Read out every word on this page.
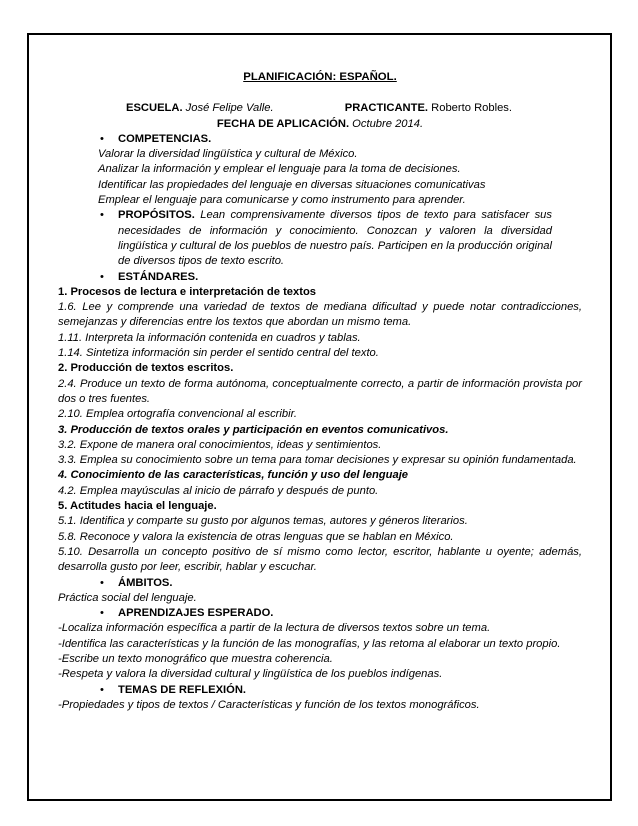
PLANIFICACIÓN: ESPAÑOL.

ESCUELA. José Felipe Valle.	PRACTICANTE. Roberto Robles.

FECHA DE APLICACIÓN. Octubre 2014.

• COMPETENCIAS.

Valorar la diversidad lingüística y cultural de México.

Analizar la información y emplear el lenguaje para la toma de decisiones.

Identificar las propiedades del lenguaje en diversas situaciones comunicativas

Emplear el lenguaje para comunicarse y como instrumento para aprender.

• PROPÓSITOS. Lean comprensivamente diversos tipos de texto para satisfacer sus necesidades de información y conocimiento. Conozcan y valoren la diversidad lingüística y cultural de los pueblos de nuestro país. Participen en la producción original de diversos tipos de texto escrito.

• ESTÁNDARES.

1. Procesos de lectura e interpretación de textos

1.6. Lee y comprende una variedad de textos de mediana dificultad y puede notar contradicciones, semejanzas y diferencias entre los textos que abordan un mismo tema.

1.11. Interpreta la información contenida en cuadros y tablas.

1.14. Sintetiza información sin perder el sentido central del texto.

2. Producción de textos escritos.

2.4. Produce un texto de forma autónoma, conceptualmente correcto, a partir de información provista por dos o tres fuentes.

2.10. Emplea ortografía convencional al escribir.

3. Producción de textos orales y participación en eventos comunicativos.

3.2. Expone de manera oral conocimientos, ideas y sentimientos.

3.3. Emplea su conocimiento sobre un tema para tomar decisiones y expresar su opinión fundamentada.

4. Conocimiento de las características, función y uso del lenguaje

4.2. Emplea mayúsculas al inicio de párrafo y después de punto.

5. Actitudes hacia el lenguaje.

5.1. Identifica y comparte su gusto por algunos temas, autores y géneros literarios.

5.8. Reconoce y valora la existencia de otras lenguas que se hablan en México.

5.10. Desarrolla un concepto positivo de sí mismo como lector, escritor, hablante u oyente; además, desarrolla gusto por leer, escribir, hablar y escuchar.

• ÁMBITOS.

Práctica social del lenguaje.

• APRENDIZAJES ESPERADO.

-Localiza información específica a partir de la lectura de diversos textos sobre un tema.

-Identifica las características y la función de las monografías, y las retoma al elaborar un texto propio.

-Escribe un texto monográfico que muestra coherencia.

-Respeta y valora la diversidad cultural y lingüística de los pueblos indígenas.

• TEMAS DE REFLEXIÓN.

-Propiedades y tipos de textos / Características y función de los textos monográficos.
